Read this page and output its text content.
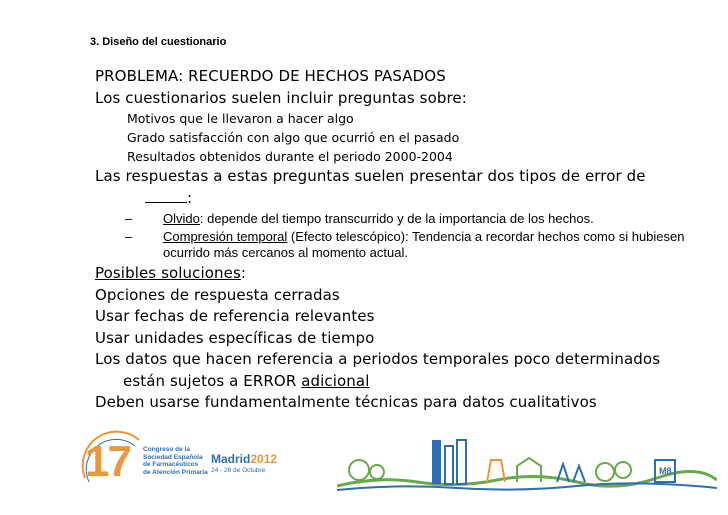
3. Diseño del cuestionario
PROBLEMA: RECUERDO DE HECHOS PASADOS
Los cuestionarios suelen incluir preguntas sobre:
Motivos que le llevaron a hacer algo
Grado satisfacción con algo que ocurrió en el pasado
Resultados obtenidos durante el periodo 2000-2004
Las respuestas a estas preguntas suelen presentar dos tipos de error de
:
– Olvido: depende del tiempo transcurrido y de la importancia de los hechos.
– Compresión temporal (Efecto telescópico): Tendencia a recordar hechos como si hubiesen ocurrido más cercanos al momento actual.
Posibles soluciones:
Opciones de respuesta cerradas
Usar fechas de referencia relevantes
Usar unidades específicas de tiempo
Los datos que hacen referencia a periodos temporales poco determinados
están sujetos a ERROR adicional
Deben usarse fundamentalmente técnicas para datos cualitativos
17 Congreso de la
Sociedad Española
de Farmacéuticos
de Atención Primaria
Madrid2012
24 - 26 de Octubre	M8
